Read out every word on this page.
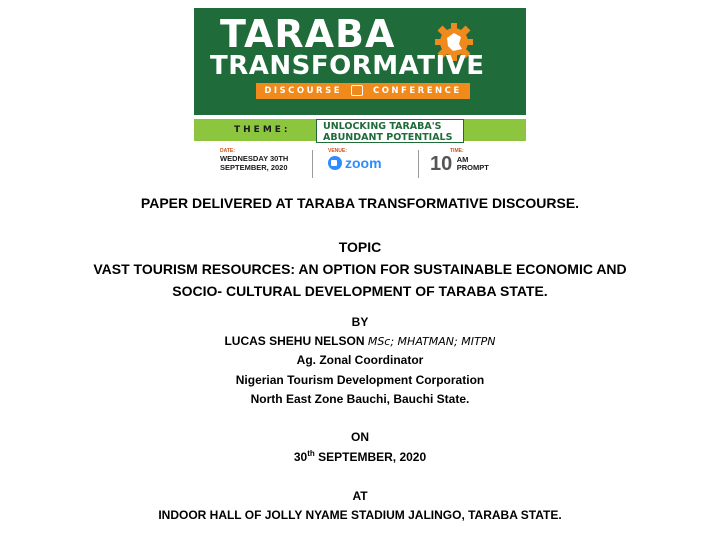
TARABA
TRANSFORMATIVE
DISCOURSE	CONFERENCE
THEME:	UNLOCKING TARABA'S
ABUNDANT POTENTIALS
DATE:
WEDNESDAY 30TH
SEPTEMBER, 2020
VENUE:
zoom
TIME:
10 AM
PROMPT
PAPER DELIVERED AT TARABA TRANSFORMATIVE DISCOURSE.
TOPIC
VAST TOURISM RESOURCES: AN OPTION FOR SUSTAINABLE ECONOMIC AND
SOCIO- CULTURAL DEVELOPMENT OF TARABA STATE.
BY
LUCAS SHEHU NELSON MSc; MHATMAN; MITPN
Ag. Zonal Coordinator
Nigerian Tourism Development Corporation
North East Zone Bauchi, Bauchi State.
ON
30th SEPTEMBER, 2020
AT
INDOOR HALL OF JOLLY NYAME STADIUM JALINGO, TARABA STATE.
